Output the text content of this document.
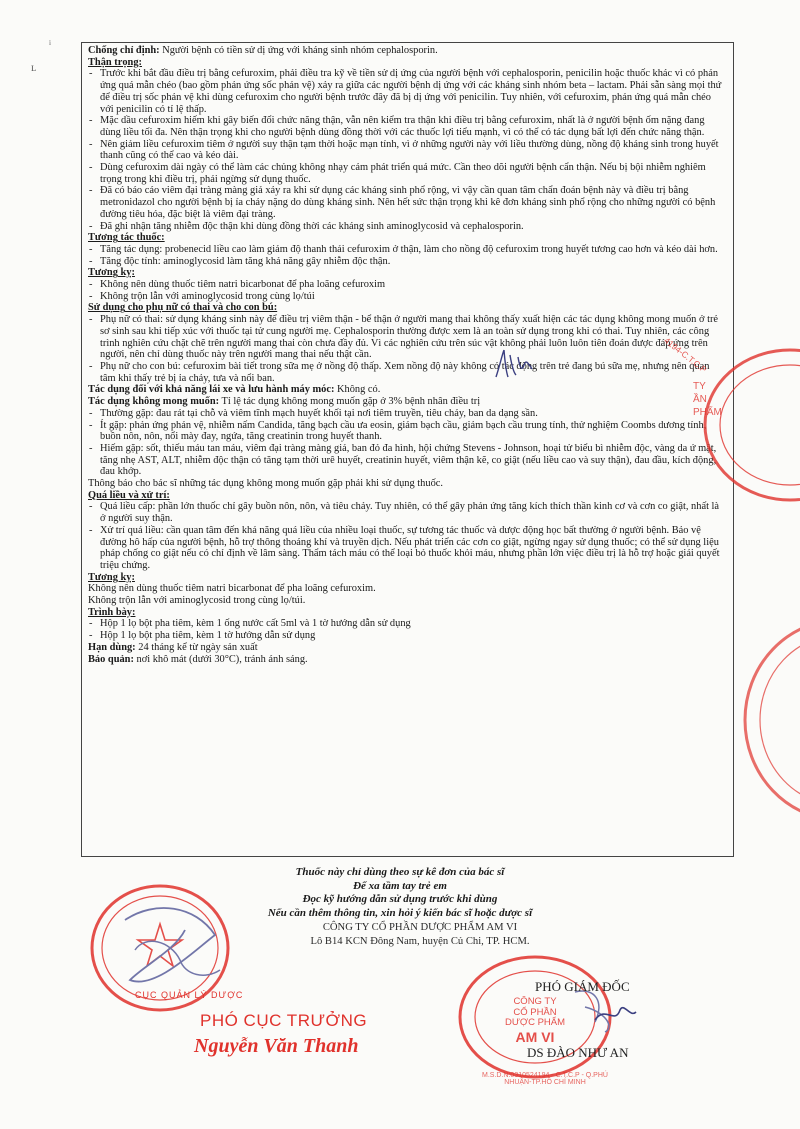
Chống chỉ định: Người bệnh có tiền sử dị ứng với kháng sinh nhóm cephalosporin.

Thận trọng:

- Trước khi bắt đầu điều trị bằng cefuroxim, phải điều tra kỹ về tiền sử dị ứng của người bệnh với cephalosporin, penicilin hoặc thuốc khác vì có phản ứng quá mẫn chéo (bao gồm phản ứng sốc phản vệ) xảy ra giữa các người bệnh dị ứng với các kháng sinh nhóm beta – lactam. Phải sẵn sàng mọi thứ để điều trị sốc phản vệ khi dùng cefuroxim cho người bệnh trước đây đã bị dị ứng với penicilin. Tuy nhiên, với cefuroxim, phản ứng quá mẫn chéo với penicilin có tỉ lệ thấp.
- Mặc dầu cefuroxim hiếm khi gây biến đổi chức năng thận, vẫn nên kiểm tra thận khi điều trị bằng cefuroxim, nhất là ở người bệnh ốm nặng đang dùng liều tối đa. Nên thận trọng khi cho người bệnh dùng đồng thời với các thuốc lợi tiểu mạnh, vì có thể có tác dụng bất lợi đến chức năng thận.
- Nên giảm liều cefuroxim tiêm ở người suy thận tạm thời hoặc mạn tính, vì ở những người này với liều thường dùng, nồng độ kháng sinh trong huyết thanh cũng có thể cao và kéo dài.
- Dùng cefuroxim dài ngày có thể làm các chủng không nhạy cảm phát triển quá mức. Cần theo dõi người bệnh cẩn thận. Nếu bị bội nhiễm nghiêm trọng trong khi điều trị, phải ngừng sử dụng thuốc.
- Đã có báo cáo viêm đại tràng màng giả xảy ra khi sử dụng các kháng sinh phổ rộng, vì vậy cần quan tâm chẩn đoán bệnh này và điều trị bằng metronidazol cho người bệnh bị ỉa chảy nặng do dùng kháng sinh. Nên hết sức thận trọng khi kê đơn kháng sinh phổ rộng cho những người có bệnh đường tiêu hóa, đặc biệt là viêm đại tràng.
- Đã ghi nhận tăng nhiễm độc thận khi dùng đồng thời các kháng sinh aminoglycosid và cephalosporin.

Tương tác thuốc:

- Tăng tác dụng: probenecid liều cao làm giảm độ thanh thải cefuroxim ở thận, làm cho nồng độ cefuroxim trong huyết tương cao hơn và kéo dài hơn.
- Tăng độc tính: aminoglycosid làm tăng khả năng gây nhiễm độc thận.

Tương kỵ:

- Không nên dùng thuốc tiêm natri bicarbonat để pha loãng cefuroxim
- Không trộn lẫn với aminoglycosid trong cùng lọ/túi

Sử dụng cho phụ nữ có thai và cho con bú:

- Phụ nữ có thai: sử dụng kháng sinh này để điều trị viêm thận - bể thận ở người mang thai không thấy xuất hiện các tác dụng không mong muốn ở trẻ sơ sinh sau khi tiếp xúc với thuốc tại tử cung người mẹ. Cephalosporin thường được xem là an toàn sử dụng trong khi có thai. Tuy nhiên, các công trình nghiên cứu chặt chẽ trên người mang thai còn chưa đầy đủ. Vì các nghiên cứu trên súc vật không phải luôn luôn tiên đoán được đáp ứng trên người, nên chỉ dùng thuốc này trên người mang thai nếu thật cần.
- Phụ nữ cho con bú: cefuroxim bài tiết trong sữa mẹ ở nồng độ thấp. Xem nồng độ này không có tác động trên trẻ đang bú sữa mẹ, nhưng nên quan tâm khi thấy trẻ bị ỉa chảy, tưa và nổi ban.

Tác dụng đối với khả năng lái xe và lưu hành máy móc: Không có.

Tác dụng không mong muốn: Tỉ lệ tác dụng không mong muốn gặp ở 3% bệnh nhân điều trị

- Thường gặp: đau rát tại chỗ và viêm tĩnh mạch huyết khối tại nơi tiêm truyền, tiêu chảy, ban da dạng sần.
- Ít gặp: phản ứng phản vệ, nhiễm nấm Candida, tăng bạch cầu ưa eosin, giảm bạch cầu, giảm bạch cầu trung tính, thử nghiệm Coombs dương tính, buồn nôn, nôn, nổi mày đay, ngứa, tăng creatinin trong huyết thanh.
- Hiếm gặp: sốt, thiếu máu tan máu, viêm đại tràng màng giả, ban đỏ đa hình, hội chứng Stevens - Johnson, hoại tử biểu bì nhiễm độc, vàng da ứ mật, tăng nhẹ AST, ALT, nhiễm độc thận có tăng tạm thời urê huyết, creatinin huyết, viêm thận kẽ, co giật (nếu liều cao và suy thận), đau đầu, kích động, đau khớp.

Thông báo cho bác sĩ những tác dụng không mong muốn gặp phải khi sử dụng thuốc.

Quá liều và xử trí:

- Quá liều cấp: phần lớn thuốc chỉ gây buồn nôn, nôn, và tiêu chảy. Tuy nhiên, có thể gây phản ứng tăng kích thích thần kinh cơ và cơn co giật, nhất là ở người suy thận.
- Xử trí quá liều: cần quan tâm đến khả năng quá liều của nhiều loại thuốc, sự tương tác thuốc và dược động học bất thường ở người bệnh. Bảo vệ đường hô hấp của người bệnh, hỗ trợ thông thoáng khí và truyền dịch. Nếu phát triển các cơn co giật, ngừng ngay sử dụng thuốc; có thể sử dụng liệu pháp chống co giật nếu có chỉ định về lâm sàng. Thẩm tách máu có thể loại bỏ thuốc khỏi máu, nhưng phần lớn việc điều trị là hỗ trợ hoặc giải quyết triệu chứng.

Tương kỵ:

Không nên dùng thuốc tiêm natri bicarbonat để pha loãng cefuroxim.

Không trộn lẫn với aminoglycosid trong cùng lọ/túi.

Trình bày:

- Hộp 1 lọ bột pha tiêm, kèm 1 ống nước cất 5ml và 1 tờ hướng dẫn sử dụng
- Hộp 1 lọ bột pha tiêm, kèm 1 tờ hướng dẫn sử dụng

Hạn dùng: 24 tháng kể từ ngày sản xuất

Bảo quản: nơi khô mát (dưới 30°C), tránh ánh sáng.

ᵢ
ʟ
Thuốc này chỉ dùng theo sự kê đơn của bác sĩ
Để xa tầm tay trẻ em
Đọc kỹ hướng dẫn sử dụng trước khi dùng
Nếu cần thêm thông tin, xin hỏi ý kiến bác sĩ hoặc dược sĩ
CÔNG TY CỔ PHẦN DƯỢC PHẨM AM VI
Lô B14 KCN Đông Nam, huyện Củ Chi, TP. HCM.
CỤC QUẢN LÝ DƯỢC
PHÓ CỤC TRƯỞNG
Nguyễn Văn Thanh
CÔNG TY
CỔ PHẦN
DƯỢC PHẨM
AM VI
M.S.D.N:0310524194 - C.T.C.P - Q.PHÚ NHUẬN-TP.HỒ CHÍ MINH
PHÓ GIÁM ĐỐC
DS ĐÀO NHƯ AN
4194-C.T.C.P
TY
ẦN
PHẨM
